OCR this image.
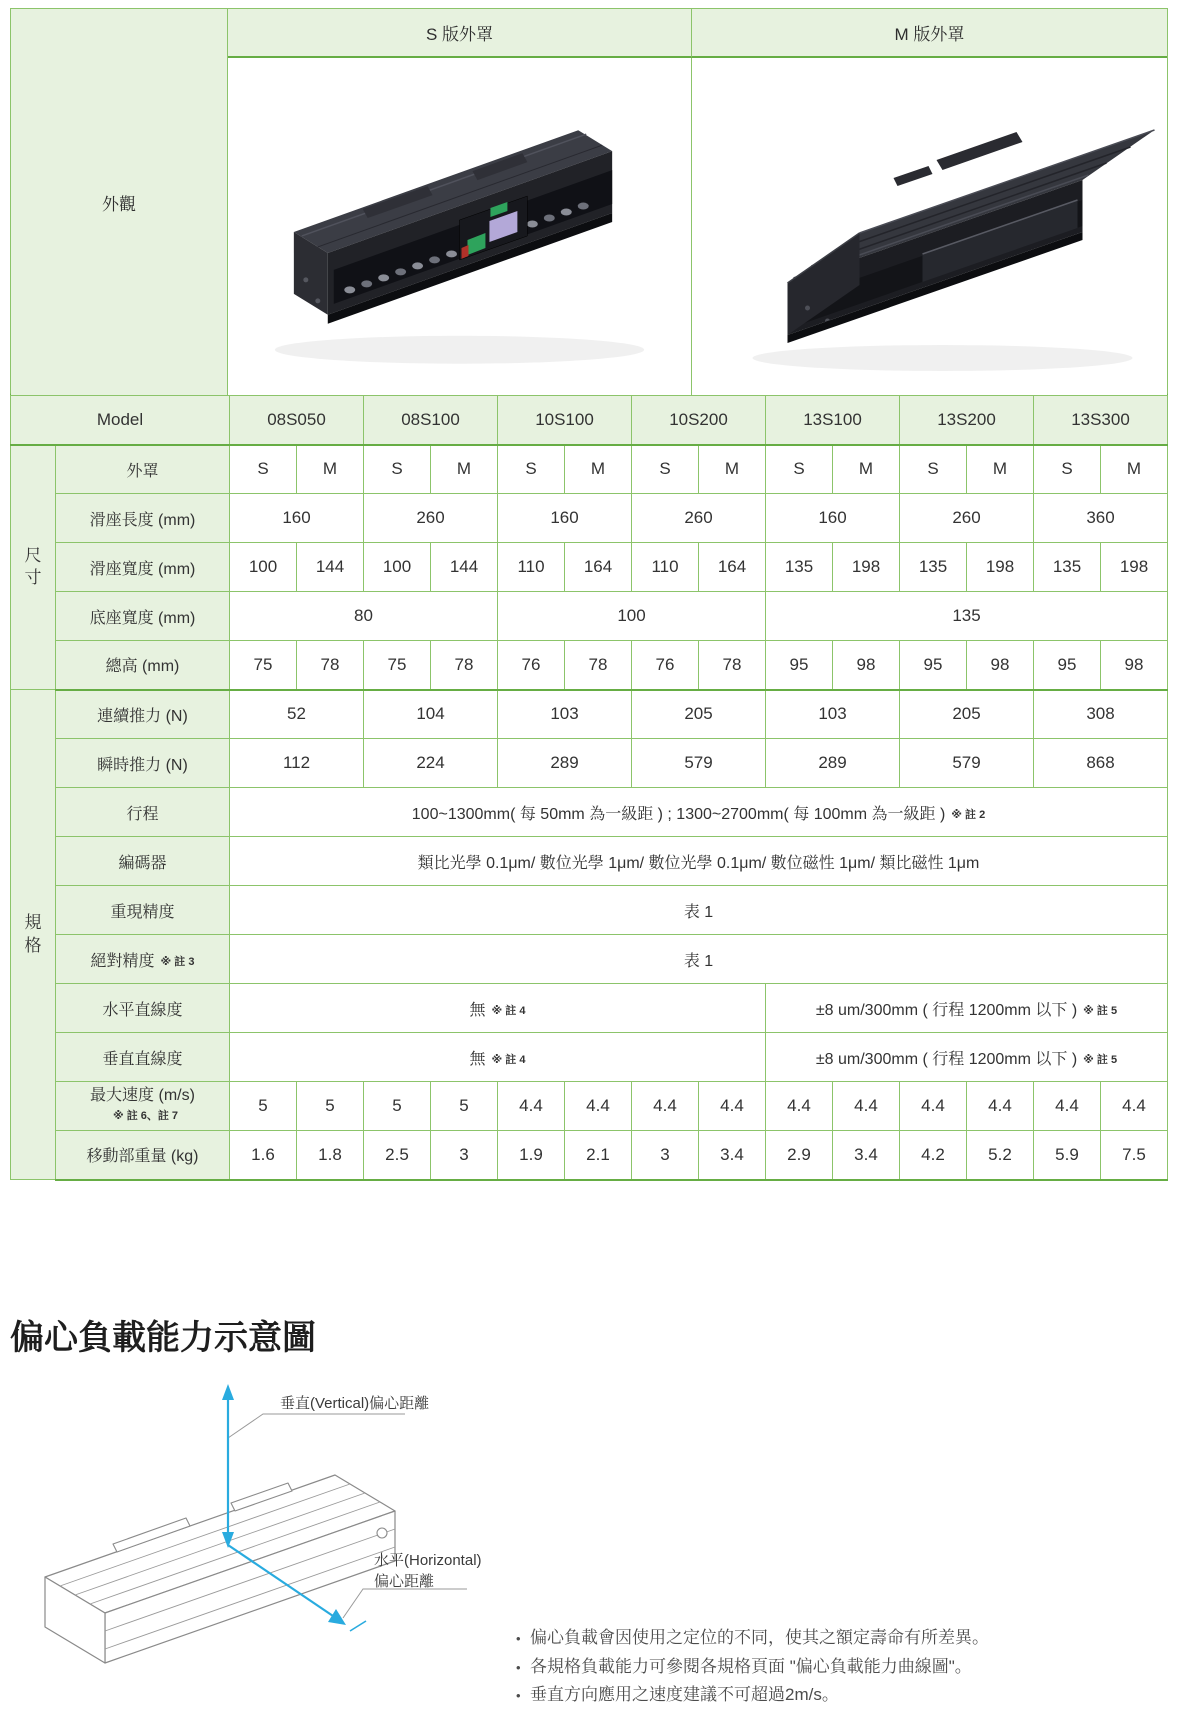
外觀
S 版外罩	M 版外罩
Model		08S050		08S100		10S100		10S200		13S100		13S200		13S300	
尺寸	外罩	S	M	S	M	S	M	S	M	S	M	S	M	S	M
	滑座長度 (mm)	160		260		160		260		160		260		360	
	滑座寬度 (mm)	100	144	100	144	110	164	110	164	135	198	135	198	135	198
	底座寬度 (mm)	80				100				135					
	總高 (mm)	75	78	75	78	76	78	76	78	95	98	95	98	95	98
規格	連續推力 (N)	52		104		103		205		103		205		308	
	瞬時推力 (N)	112		224		289		579		289		579		868	
	行程	100~1300mm( 每 50mm 為一級距 ) ; 1300~2700mm( 每 100mm 為一級距 ) ※ 註 2													
	編碼器	類比光學 0.1μm/ 數位光學 1μm/ 數位光學 0.1μm/ 數位磁性 1μm/ 類比磁性 1μm													
	重現精度	表 1													
	絕對精度 ※ 註 3	表 1													
	水平直線度	無 ※ 註 4								±8 um/300mm ( 行程 1200mm 以下 ) ※ 註 5					
	垂直直線度	無 ※ 註 4								±8 um/300mm ( 行程 1200mm 以下 ) ※ 註 5					
	最大速度 (m/s) ※ 註 6、註 7	5	5	5	5	4.4	4.4	4.4	4.4	4.4	4.4	4.4	4.4	4.4	4.4
	移動部重量 (kg)	1.6	1.8	2.5	3	1.9	2.1	3	3.4	2.9	3.4	4.2	5.2	5.9	7.5
偏心負載能力示意圖
垂直(Vertical)偏心距離
水平(Horizontal)
偏心距離
• 偏心負載會因使用之定位的不同，使其之額定壽命有所差異。
• 各規格負載能力可參閱各規格頁面 "偏心負載能力曲線圖"。
• 垂直方向應用之速度建議不可超過2m/s。
